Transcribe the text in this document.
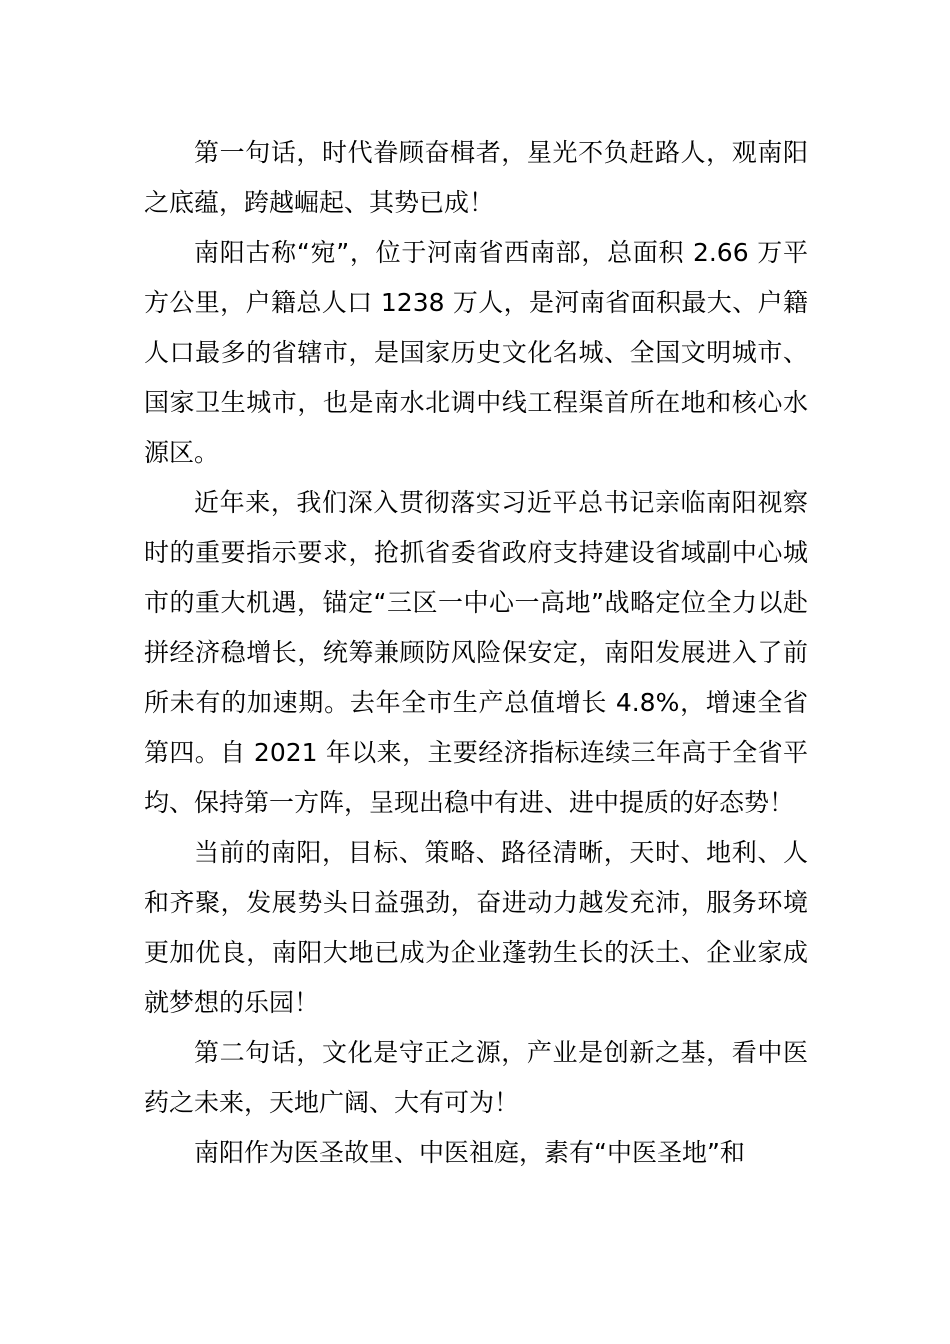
第一句话，时代眷顾奋楫者，星光不负赶路人，观南阳之底蕴，跨越崛起、其势已成！

南阳古称“宛”，位于河南省西南部，总面积 2.66 万平方公里，户籍总人口 1238 万人，是河南省面积最大、户籍人口最多的省辖市，是国家历史文化名城、全国文明城市、国家卫生城市，也是南水北调中线工程渠首所在地和核心水源区。

近年来，我们深入贯彻落实习近平总书记亲临南阳视察时的重要指示要求，抢抓省委省政府支持建设省域副中心城市的重大机遇，锚定“三区一中心一高地”战略定位全力以赴拼经济稳增长，统筹兼顾防风险保安定，南阳发展进入了前所未有的加速期。去年全市生产总值增长 4.8%，增速全省第四。自 2021 年以来，主要经济指标连续三年高于全省平均、保持第一方阵，呈现出稳中有进、进中提质的好态势！

当前的南阳，目标、策略、路径清晰，天时、地利、人和齐聚，发展势头日益强劲，奋进动力越发充沛，服务环境更加优良，南阳大地已成为企业蓬勃生长的沃土、企业家成就梦想的乐园！

第二句话，文化是守正之源，产业是创新之基，看中医药之未来，天地广阔、大有可为！

南阳作为医圣故里、中医祖庭，素有“中医圣地”和
